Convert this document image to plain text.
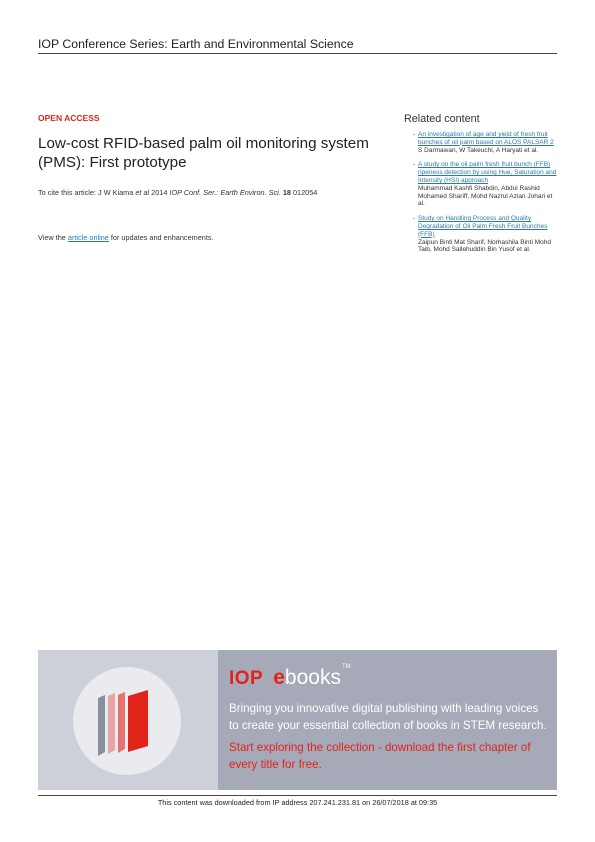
IOP Conference Series: Earth and Environmental Science
OPEN ACCESS
Low-cost RFID-based palm oil monitoring system (PMS): First prototype
To cite this article: J W Kiama et al 2014 IOP Conf. Ser.: Earth Environ. Sci. 18 012054
View the article online for updates and enhancements.
Related content
- An investigation of age and yield of fresh fruit bunches of oil palm based on ALOS PALSAR 2
S Darmawan, W Takeuchi, A Haryati et al.
- A study on the oil palm fresh fruit bunch (FFB) ripeness detection by using Hue, Saturation and Intensity (HSI) approach
Muhammad Kashfi Shabdin, Abdul Rashid Mohamed Shariff, Mohd Nazrul Azlan Johari et al.
- Study on Handling Process and Quality Degradation of Oil Palm Fresh Fruit Bunches (FFB)
Zaipun Binti Mat Sharif, Norhashila Binti Mohd Taib, Mohd Sallehuddin Bin Yusof et al.
IOP e books TM
Bringing you innovative digital publishing with leading voices to create your essential collection of books in STEM research.
Start exploring the collection - download the first chapter of every title for free.
This content was downloaded from IP address 207.241.231.81 on 26/07/2018 at 09:35
